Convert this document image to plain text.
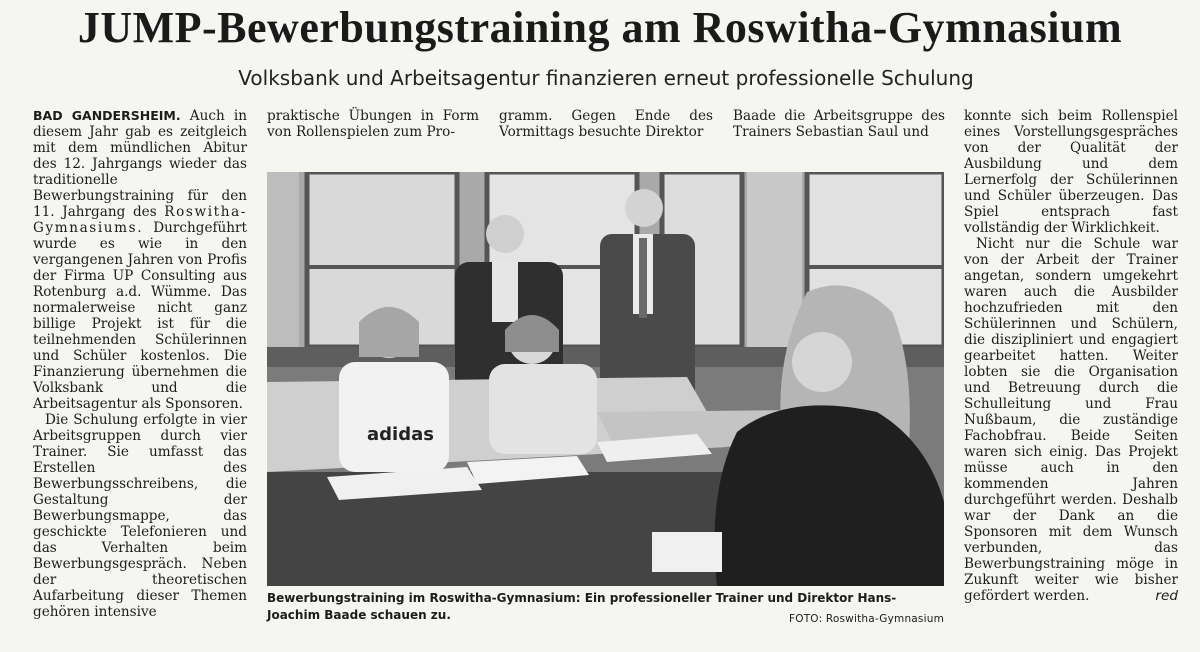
JUMP-Bewerbungstraining am Roswitha-Gymnasium
Volksbank und Arbeitsagentur finanzieren erneut professionelle Schulung

BAD GANDERSHEIM. Auch in diesem Jahr gab es zeitgleich mit dem mündlichen Abitur des 12. Jahrgangs wieder das traditionelle Bewerbungstraining für den 11. Jahrgang des Roswitha-Gymnasiums. Durchgeführt wurde es wie in den vergangenen Jahren von Profis der Firma UP Consulting aus Rotenburg a.d. Wümme. Das normalerweise nicht ganz billige Projekt ist für die teilnehmenden Schülerinnen und Schüler kostenlos. Die Finanzierung übernehmen die Volksbank und die Arbeitsagentur als Sponsoren.

Die Schulung erfolgte in vier Arbeitsgruppen durch vier Trainer. Sie umfasst das Erstellen des Bewerbungsschreibens, die Gestaltung der Bewerbungsmappe, das geschickte Telefonieren und das Verhalten beim Bewerbungsgespräch. Neben der theoretischen Aufarbeitung dieser Themen gehören intensive

praktische Übungen in Form von Rollenspielen zum Pro-

gramm. Gegen Ende des Vormittags besuchte Direktor

Baade die Arbeitsgruppe des Trainers Sebastian Saul und

konnte sich beim Rollenspiel eines Vorstellungsgespräches von der Qualität der Ausbildung und dem Lernerfolg der Schülerinnen und Schüler überzeugen. Das Spiel entsprach fast vollständig der Wirklichkeit.

Nicht nur die Schule war von der Arbeit der Trainer angetan, sondern umgekehrt waren auch die Ausbilder hochzufrieden mit den Schülerinnen und Schülern, die diszipliniert und engagiert gearbeitet hatten. Weiter lobten sie die Organisation und Betreuung durch die Schulleitung und Frau Nußbaum, die zuständige Fachobfrau. Beide Seiten waren sich einig. Das Projekt müsse auch in den kommenden Jahren durchgeführt werden. Deshalb war der Dank an die Sponsoren mit dem Wunsch verbunden, das Bewerbungstraining möge in Zukunft weiter wie bisher gefördert werden.	red

adidas
Bewerbungstraining im Roswitha-Gymnasium: Ein professioneller Trainer und Direktor Hans-Joachim Baade schauen zu.	FOTO: Roswitha-Gymnasium
